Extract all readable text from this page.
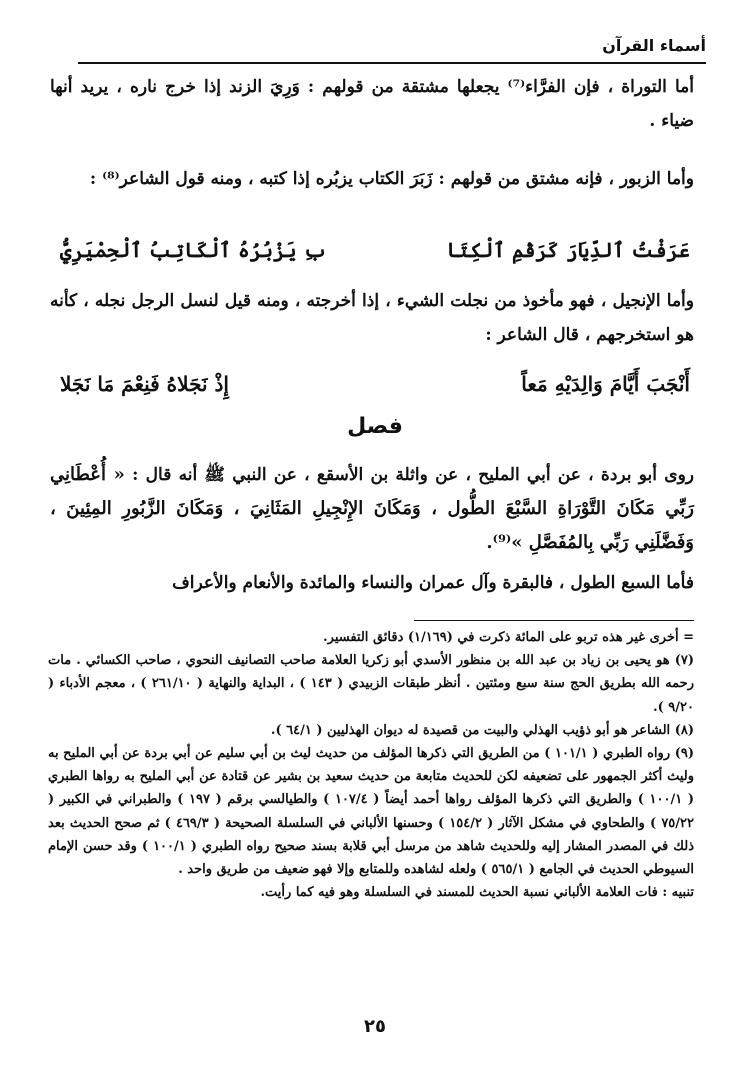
أسماء القرآن

أما التوراة ، فإن الفرَّاء⁽⁷⁾ يجعلها مشتقة من قولهم : وَرِيَ الزند إذا خرج ناره ، يريد أنها ضياء .

وأما الزبور ، فإنه مشتق من قولهم : زَبَرَ الكتاب يزبُره إذا كتبه ، ومنه قول الشاعر⁽⁸⁾ :

عَرَفْتُ ٱلدِّيَارَ كَرَقْمِ ٱلْكِتَا
بِ يَزْبُرُهُ ٱلْكَاتِبُ ٱلْحِمْيَرِيُّ

وأما الإنجيل ، فهو مأخوذ من نجلت الشيء ، إذا أخرجته ، ومنه قيل لنسل الرجل نجله ، كأنه هو استخرجهم ، قال الشاعر :

أَنْجَبَ أَيَّامَ وَالِدَيْهِ مَعاً
إِذْ نَجَلاهُ فَنِعْمَ مَا نَجَلا
فصل

روى أبو بردة ، عن أبي المليح ، عن واثلة بن الأسقع ، عن النبي ﷺ أنه قال : « أُعْطَانِي رَبِّي مَكَانَ التَّوْرَاةِ السَّبْعَ الطُّول ، وَمَكَانَ الإِنْجِيلِ المَثَانِيَ ، وَمَكَانَ الزَّبُورِ المِئِينَ ، وَفَضَّلَنِي رَبِّي بِالمُفَصَّلِ »⁽⁹⁾.

فأما السبع الطول ، فالبقرة وآل عمران والنساء والمائدة والأنعام والأعراف

= أخرى غير هذه تربو على المائة ذكرت في (١/١٦٩) دقائق التفسير.

(٧) هو يحيى بن زياد بن عبد الله بن منظور الأسدي أبو زكريا العلامة صاحب التصانيف النحوي ، صاحب الكسائي . مات رحمه الله بطريق الحج سنة سبع ومئتين . أنظر طبقات الزبيدي ( ١٤٣ ) ، البداية والنهاية ( ٢٦١/١٠ ) ، معجم الأدباء ( ٩/٢٠ ).

(٨) الشاعر هو أبو ذؤيب الهذلي والبيت من قصيدة له ديوان الهذليين ( ٦٤/١ ).

(٩) رواه الطبري ( ١٠١/١ ) من الطريق التي ذكرها المؤلف من حديث ليث بن أبي سليم عن أبي بردة عن أبي المليح به وليث أكثر الجمهور على تضعيفه لكن للحديث متابعة من حديث سعيد بن بشير عن قتادة عن أبي المليح به رواها الطبري ( ١٠٠/١ ) والطريق التي ذكرها المؤلف رواها أحمد أيضاً ( ١٠٧/٤ ) والطيالسي برقم ( ١٩٧ ) والطبراني في الكبير ( ٧٥/٢٢ ) والطحاوي في مشكل الآثار ( ١٥٤/٢ ) وحسنها الألباني في السلسلة الصحيحة ( ٤٦٩/٣ ) ثم صحح الحديث بعد ذلك في المصدر المشار إليه وللحديث شاهد من مرسل أبي قلابة بسند صحيح رواه الطبري ( ١٠٠/١ ) وقد حسن الإمام السيوطي الحديث في الجامع ( ٥٦٥/١ ) ولعله لشاهده وللمتابع وإلا فهو ضعيف من طريق واحد .

تنبيه : فات العلامة الألباني نسبة الحديث للمسند في السلسلة وهو فيه كما رأيت.

٢٥
